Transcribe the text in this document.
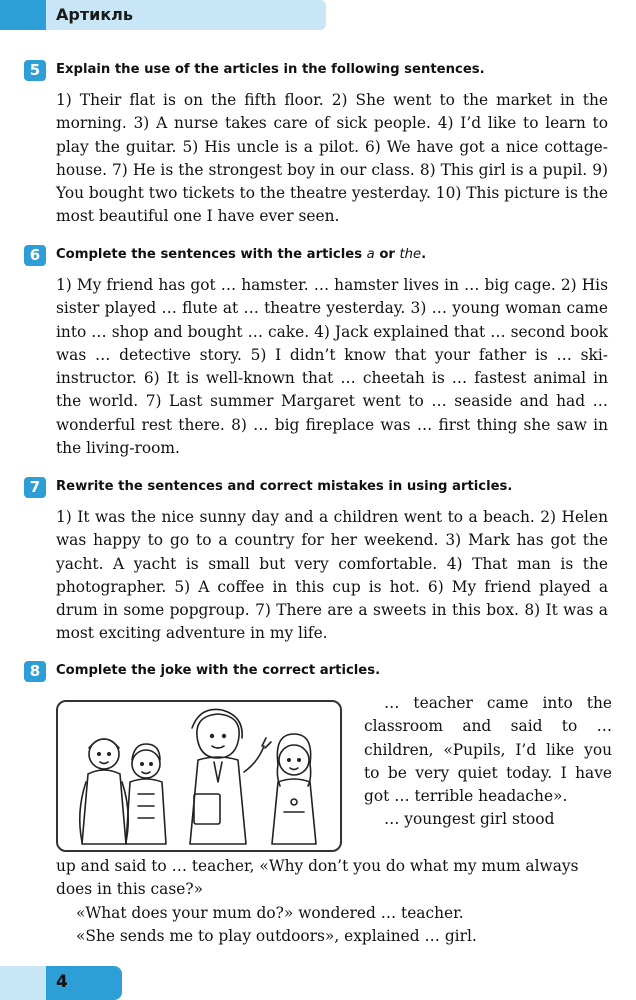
Артикль
5	Explain the use of the articles in the following sentences.
1) Their flat is on the fifth floor. 2) She went to the market in the morning. 3) A nurse takes care of sick people. 4) I’d like to learn to play the guitar. 5) His uncle is a pilot. 6) We have got a nice cottage-house. 7) He is the strongest boy in our class. 8) This girl is a pupil. 9) You bought two tickets to the theatre yesterday. 10) This picture is the most beautiful one I have ever seen.
6	Complete the sentences with the articles a or the.
1) My friend has got … hamster. … hamster lives in … big cage. 2) His sister played … flute at … theatre yesterday. 3) … young woman came into … shop and bought … cake. 4) Jack explained that … second book was … detective story. 5) I didn’t know that your father is … ski-instructor. 6) It is well-known that … cheetah is … fastest animal in the world. 7) Last summer Margaret went to … seaside and had … wonderful rest there. 8) … big fireplace was … first thing she saw in the living-room.
7	Rewrite the sentences and correct mistakes in using articles.
1) It was the nice sunny day and a children went to a beach. 2) Helen was happy to go to a country for her weekend. 3) Mark has got the yacht. A yacht is small but very comfortable. 4) That man is the photographer. 5) A coffee in this cup is hot. 6) My friend played a drum in some popgroup. 7) There are a sweets in this box. 8) It was a most exciting adventure in my life.
8	Complete the joke with the correct articles.

… teacher came into the classroom and said to … children, «Pupils, I’d like you to be very quiet today. I have got … terrible headache».

… youngest girl stood

up and said to … teacher, «Why don’t you do what my mum always does in this case?»

«What does your mum do?» wondered … teacher.

«She sends me to play outdoors», explained … girl.

4
